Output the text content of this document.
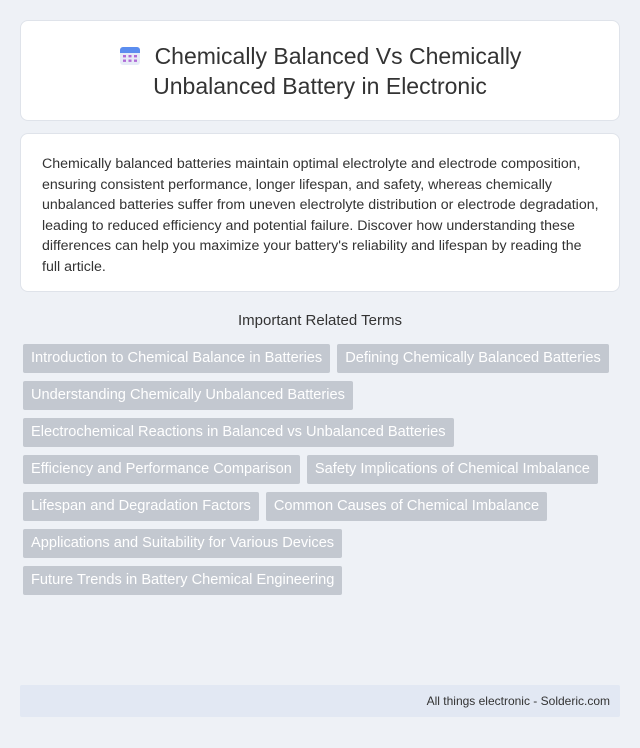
Chemically Balanced Vs Chemically Unbalanced Battery in Electronic

Chemically balanced batteries maintain optimal electrolyte and electrode composition, ensuring consistent performance, longer lifespan, and safety, whereas chemically unbalanced batteries suffer from uneven electrolyte distribution or electrode degradation, leading to reduced efficiency and potential failure. Discover how understanding these differences can help you maximize your battery's reliability and lifespan by reading the full article.

Important Related Terms
Introduction to Chemical Balance in Batteries	Defining Chemically Balanced Batteries
Understanding Chemically Unbalanced Batteries
Electrochemical Reactions in Balanced vs Unbalanced Batteries
Efficiency and Performance Comparison	Safety Implications of Chemical Imbalance
Lifespan and Degradation Factors	Common Causes of Chemical Imbalance
Applications and Suitability for Various Devices
Future Trends in Battery Chemical Engineering
All things electronic - Solderic.com
